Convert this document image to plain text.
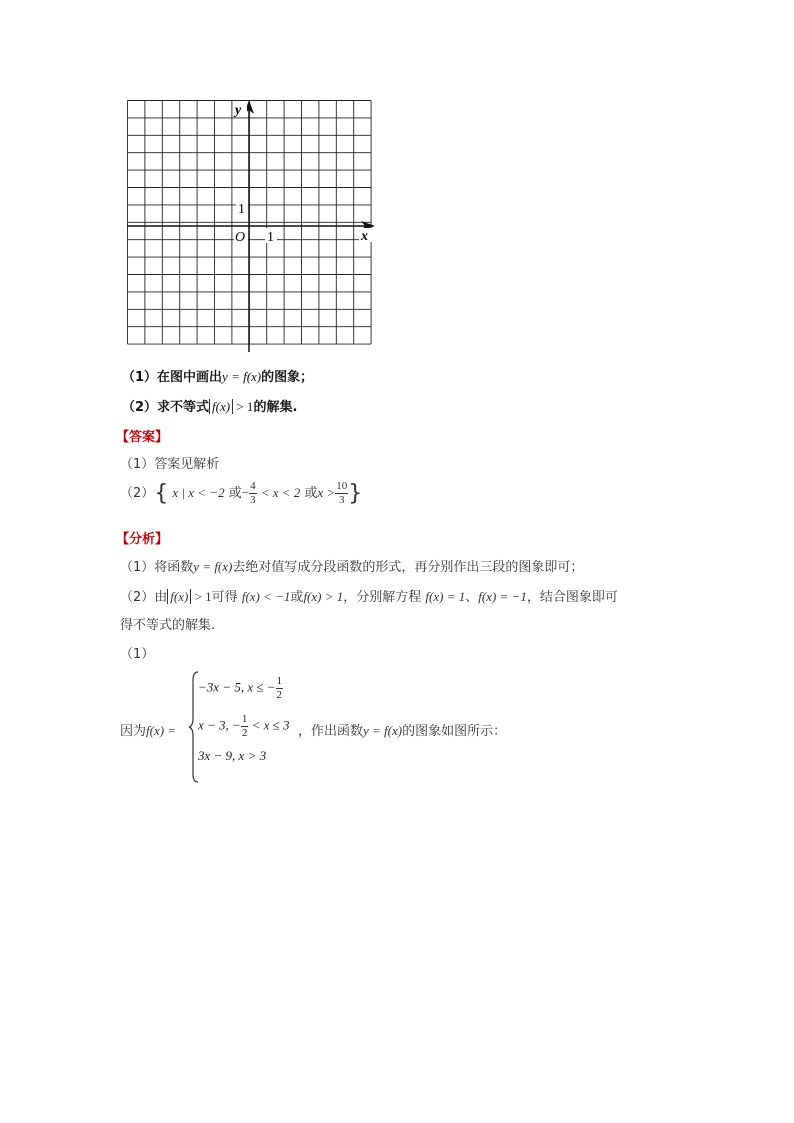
y
x
O 1
1
（1）在图中画出y = f(x)的图象；
（2）求不等式 f(x) > 1的解集.
【答案】
（1）答案见解析
（2）{ x | x < −2 或− $\frac{4}{3} < x < 2$ 或$x > \frac{10}{3}$ }
【分析】
（1）将函数y = f(x)去绝对值写成分段函数的形式，再分别作出三段的图象即可；
（2）由 f(x) > 1可得 f(x) < −1或f(x) > 1，分别解方程 f(x) = 1、f(x) = −1，结合图象即可
得不等式的解集.
（1）
因为f(x) =
−3x − 5, x ≤ − $\frac{1}{2}$
x − 3, − $\frac{1}{2} < x \le 3$
3x − 9, x > 3
，作出函数y = f(x)的图象如图所示：
